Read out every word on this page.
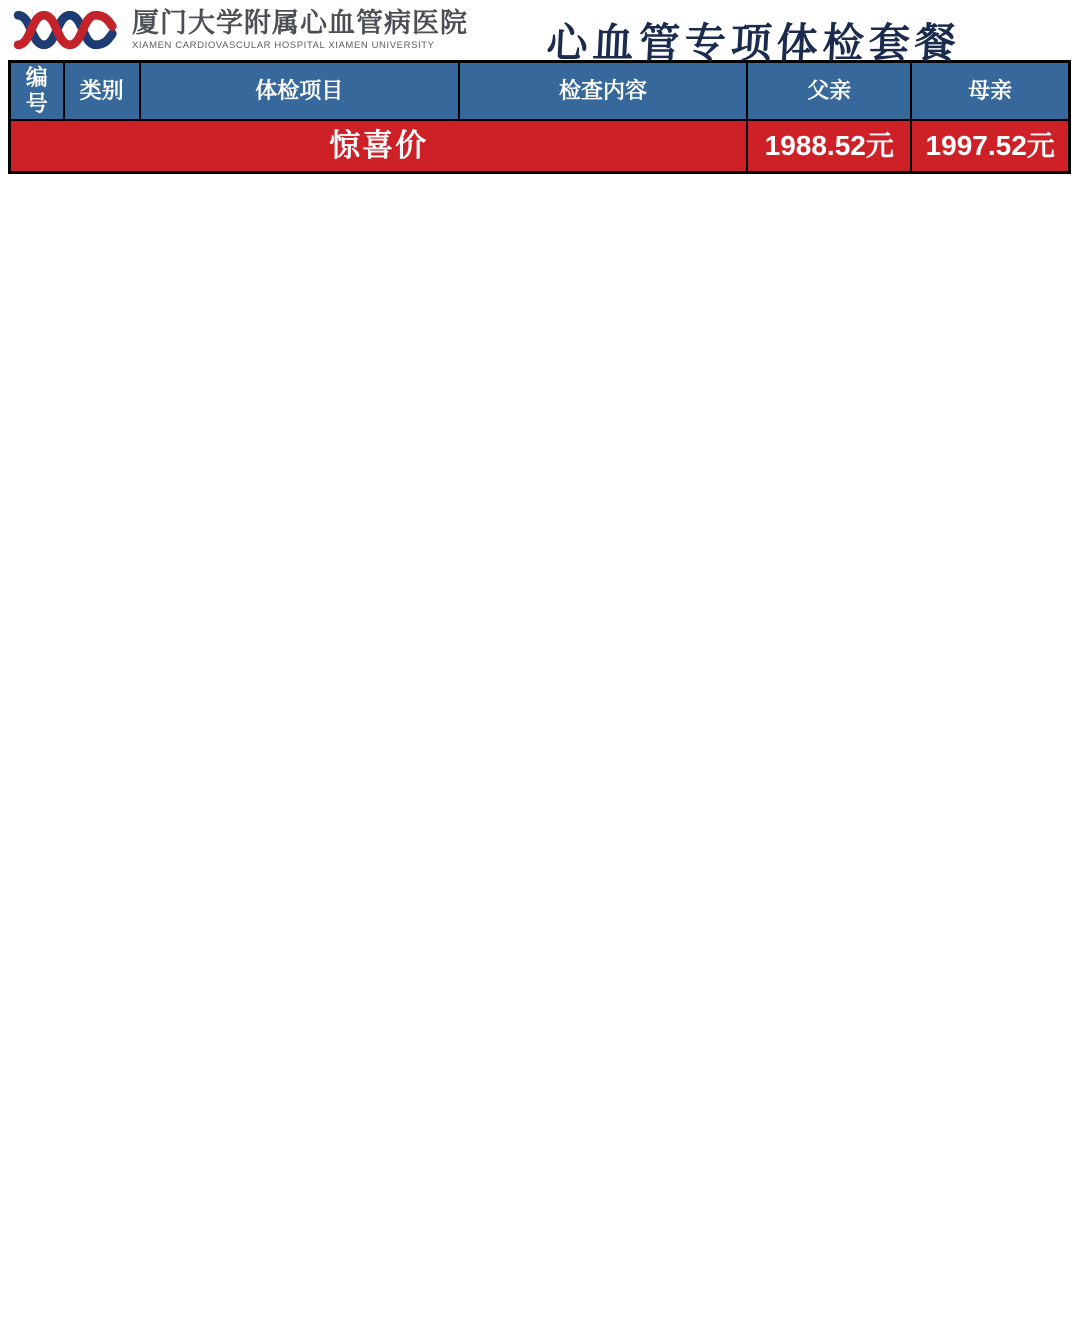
厦门大学附属心血管病医院
XIAMEN CARDIOVASCULAR HOSPITAL XIAMEN UNIVERSITY	心血管专项体检套餐
编号	类别	体检项目	检查内容	父亲	母亲
惊喜价				1988.52元	1997.52元
